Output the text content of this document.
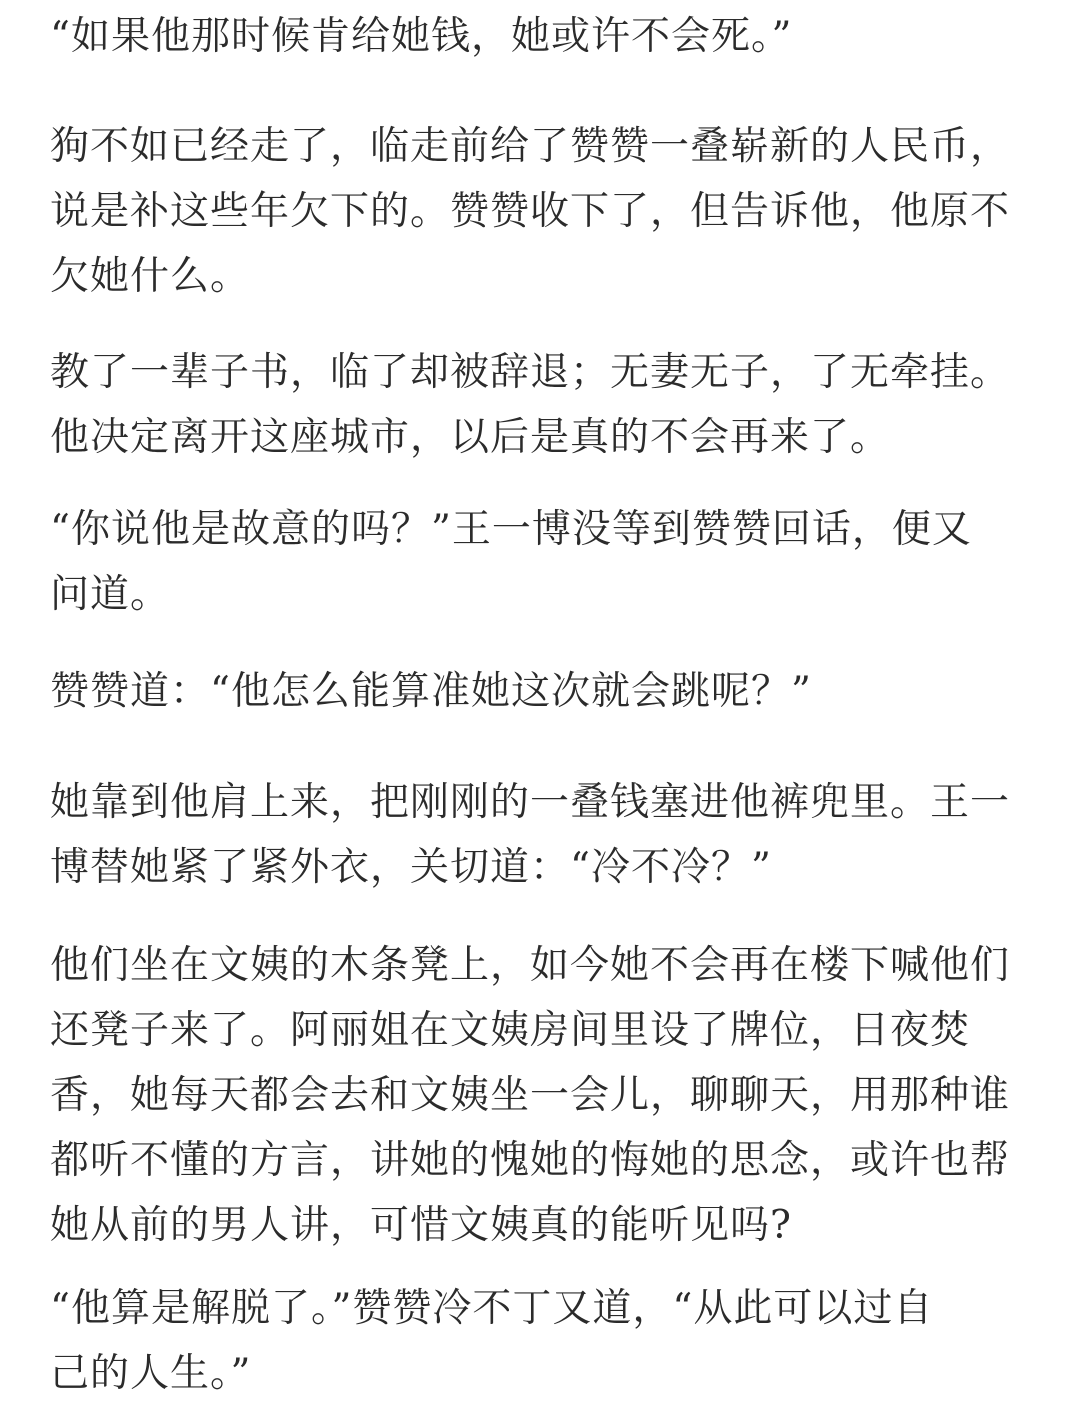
“如果他那时候肯给她钱，她或许不会死。”

狗不如已经走了，临走前给了赞赞一叠崭新的人民币，
说是补这些年欠下的。赞赞收下了，但告诉他，他原不
欠她什么。

教了一辈子书，临了却被辞退；无妻无子，了无牵挂。
他决定离开这座城市，以后是真的不会再来了。

“你说他是故意的吗？”王一博没等到赞赞回话，便又
问道。

赞赞道：“他怎么能算准她这次就会跳呢？”

她靠到他肩上来，把刚刚的一叠钱塞进他裤兜里。王一
博替她紧了紧外衣，关切道：“冷不冷？”

他们坐在文姨的木条凳上，如今她不会再在楼下喊他们
还凳子来了。阿丽姐在文姨房间里设了牌位，日夜焚
香，她每天都会去和文姨坐一会儿，聊聊天，用那种谁
都听不懂的方言，讲她的愧她的悔她的思念，或许也帮
她从前的男人讲，可惜文姨真的能听见吗?

“他算是解脱了。”赞赞冷不丁又道，“从此可以过自
己的人生。”
